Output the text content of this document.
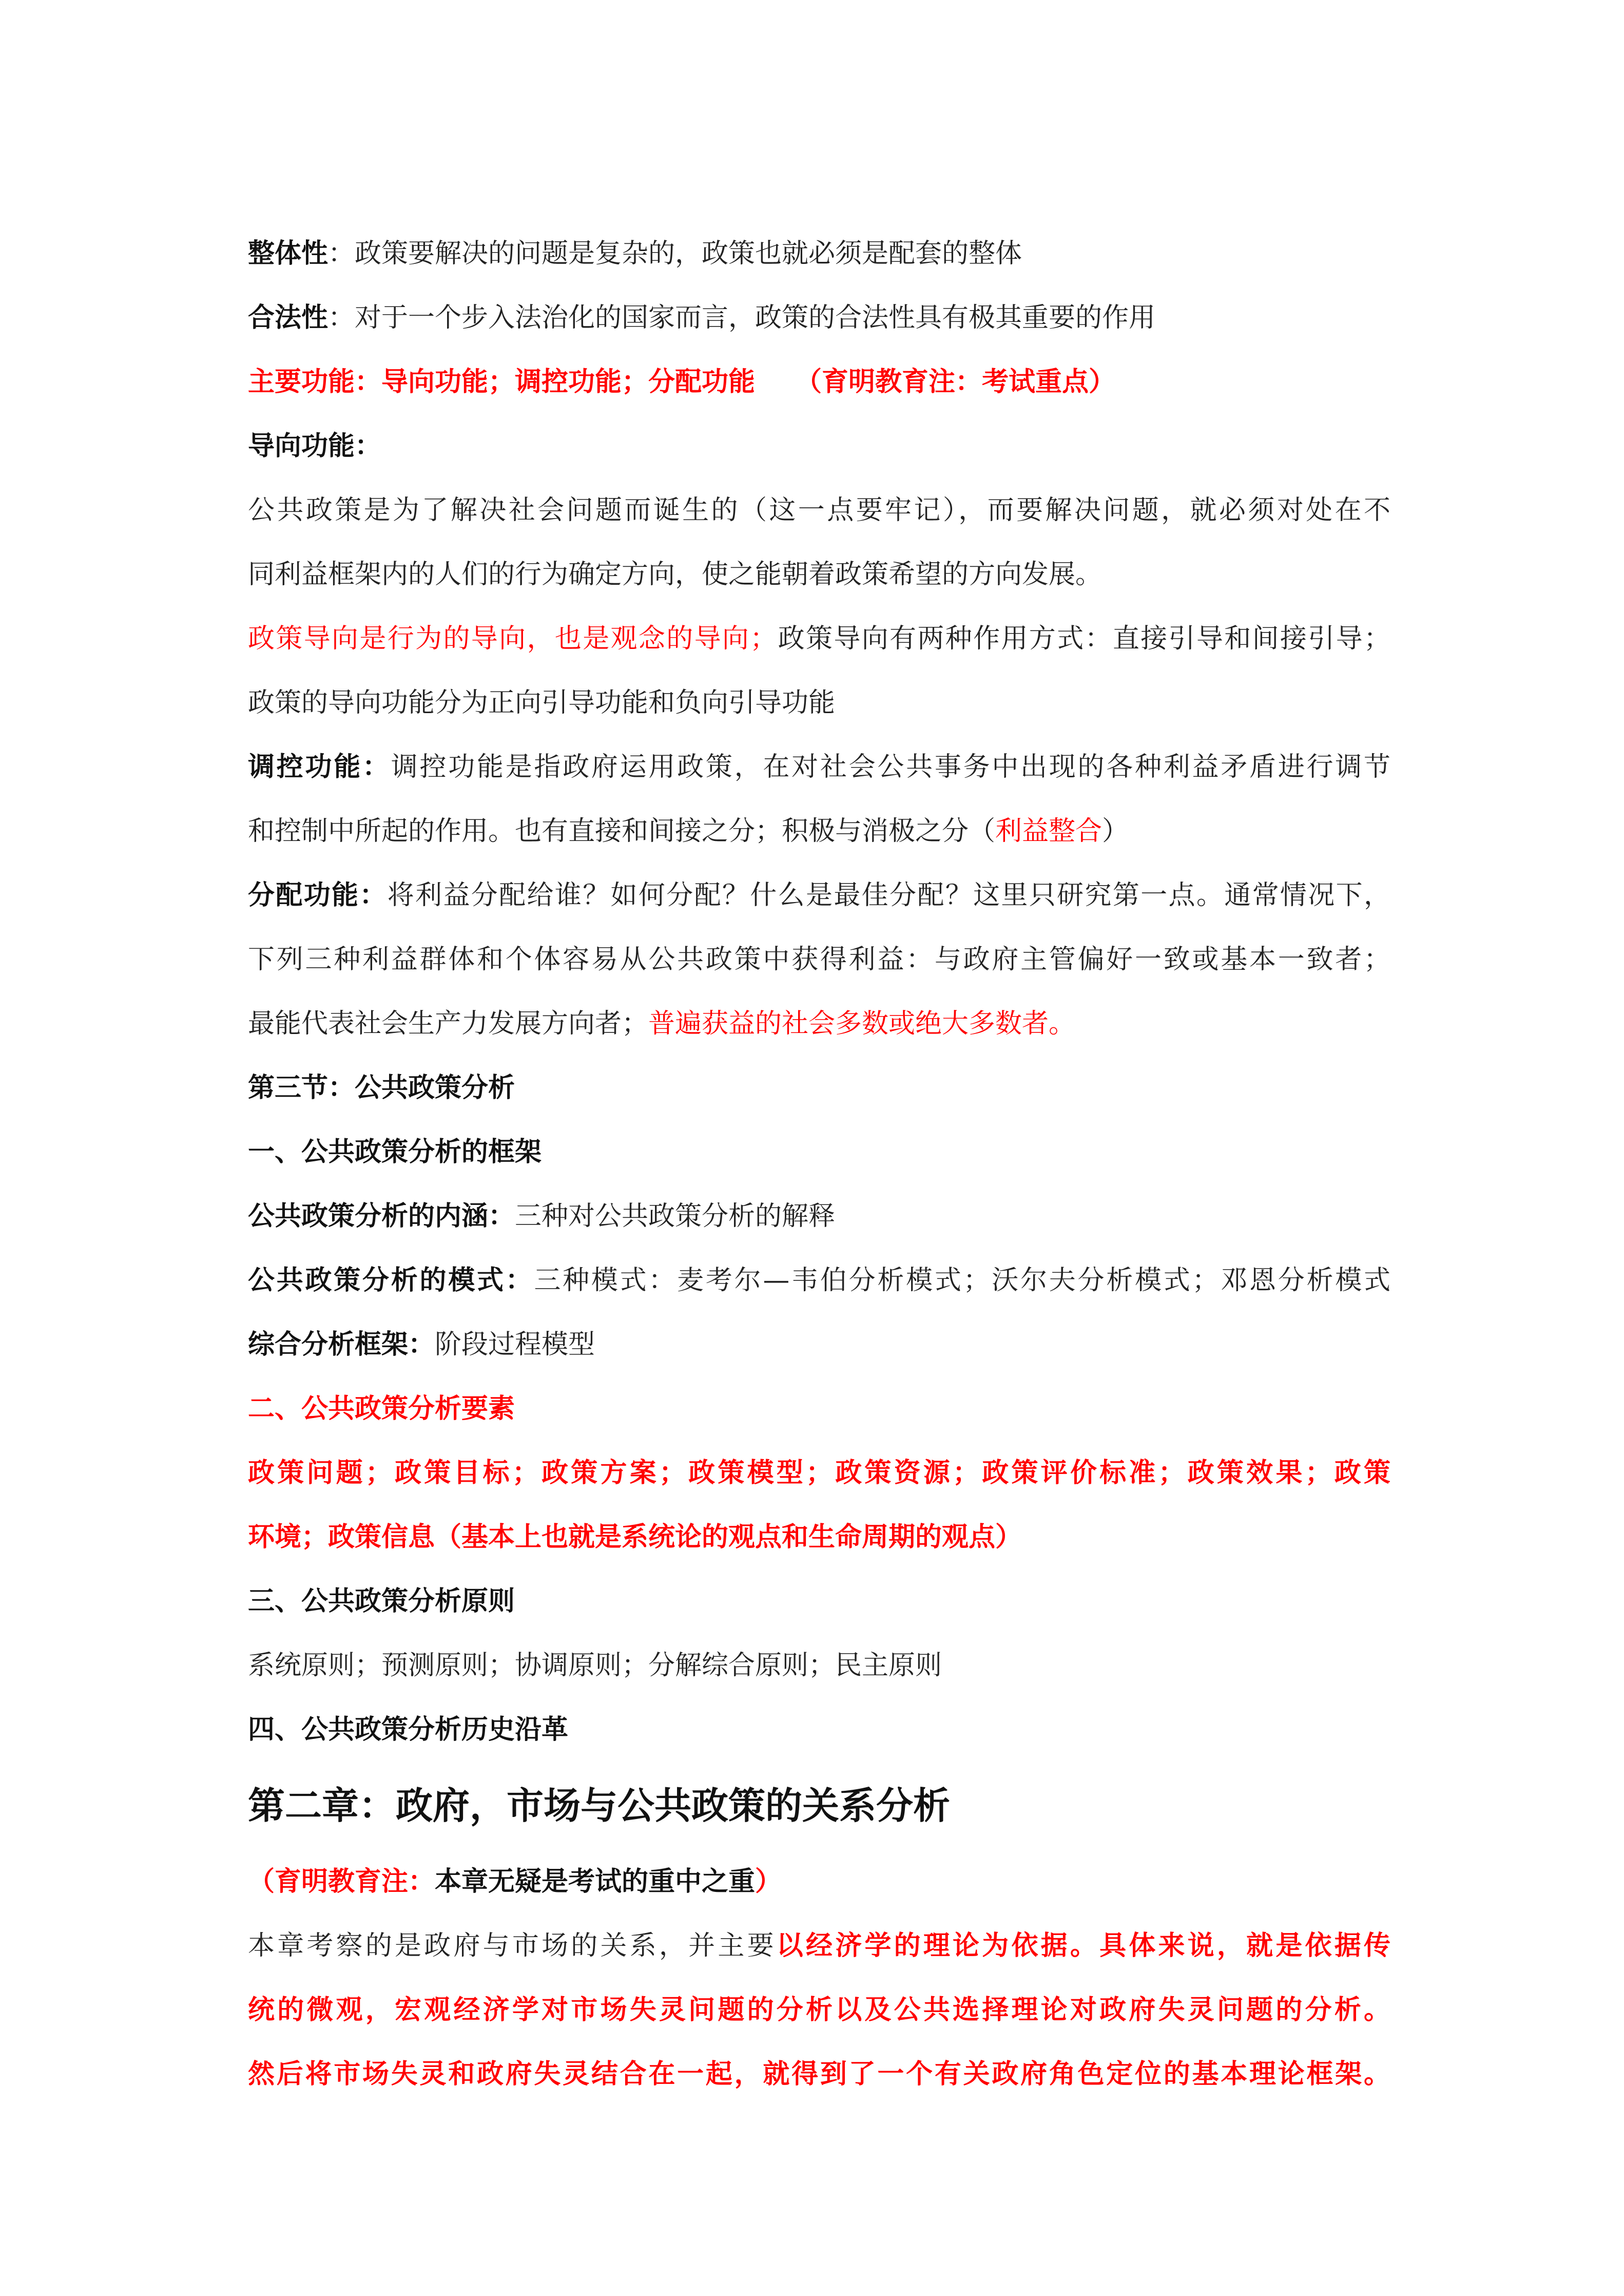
整体性：政策要解决的问题是复杂的，政策也就必须是配套的整体
合法性：对于一个步入法治化的国家而言，政策的合法性具有极其重要的作用
主要功能：导向功能；调控功能；分配功能　　（育明教育注：考试重点）
导向功能：
公共政策是为了解决社会问题而诞生的（这一点要牢记），而要解决问题，就必须对处在不
同利益框架内的人们的行为确定方向，使之能朝着政策希望的方向发展。
政策导向是行为的导向，也是观念的导向；政策导向有两种作用方式：直接引导和间接引导；
政策的导向功能分为正向引导功能和负向引导功能
调控功能：调控功能是指政府运用政策，在对社会公共事务中出现的各种利益矛盾进行调节
和控制中所起的作用。也有直接和间接之分；积极与消极之分（利益整合）
分配功能：将利益分配给谁？如何分配？什么是最佳分配？这里只研究第一点。通常情况下，
下列三种利益群体和个体容易从公共政策中获得利益：与政府主管偏好一致或基本一致者；
最能代表社会生产力发展方向者；普遍获益的社会多数或绝大多数者。
第三节：公共政策分析
一、公共政策分析的框架
公共政策分析的内涵：三种对公共政策分析的解释
公共政策分析的模式：三种模式：麦考尔—韦伯分析模式；沃尔夫分析模式；邓恩分析模式
综合分析框架：阶段过程模型
二、公共政策分析要素
政策问题；政策目标；政策方案；政策模型；政策资源；政策评价标准；政策效果；政策
环境；政策信息（基本上也就是系统论的观点和生命周期的观点）
三、公共政策分析原则
系统原则；预测原则；协调原则；分解综合原则；民主原则
四、公共政策分析历史沿革
第二章：政府，市场与公共政策的关系分析
（育明教育注：本章无疑是考试的重中之重）
本章考察的是政府与市场的关系，并主要以经济学的理论为依据。具体来说，就是依据传
统的微观，宏观经济学对市场失灵问题的分析以及公共选择理论对政府失灵问题的分析。
然后将市场失灵和政府失灵结合在一起，就得到了一个有关政府角色定位的基本理论框架。
